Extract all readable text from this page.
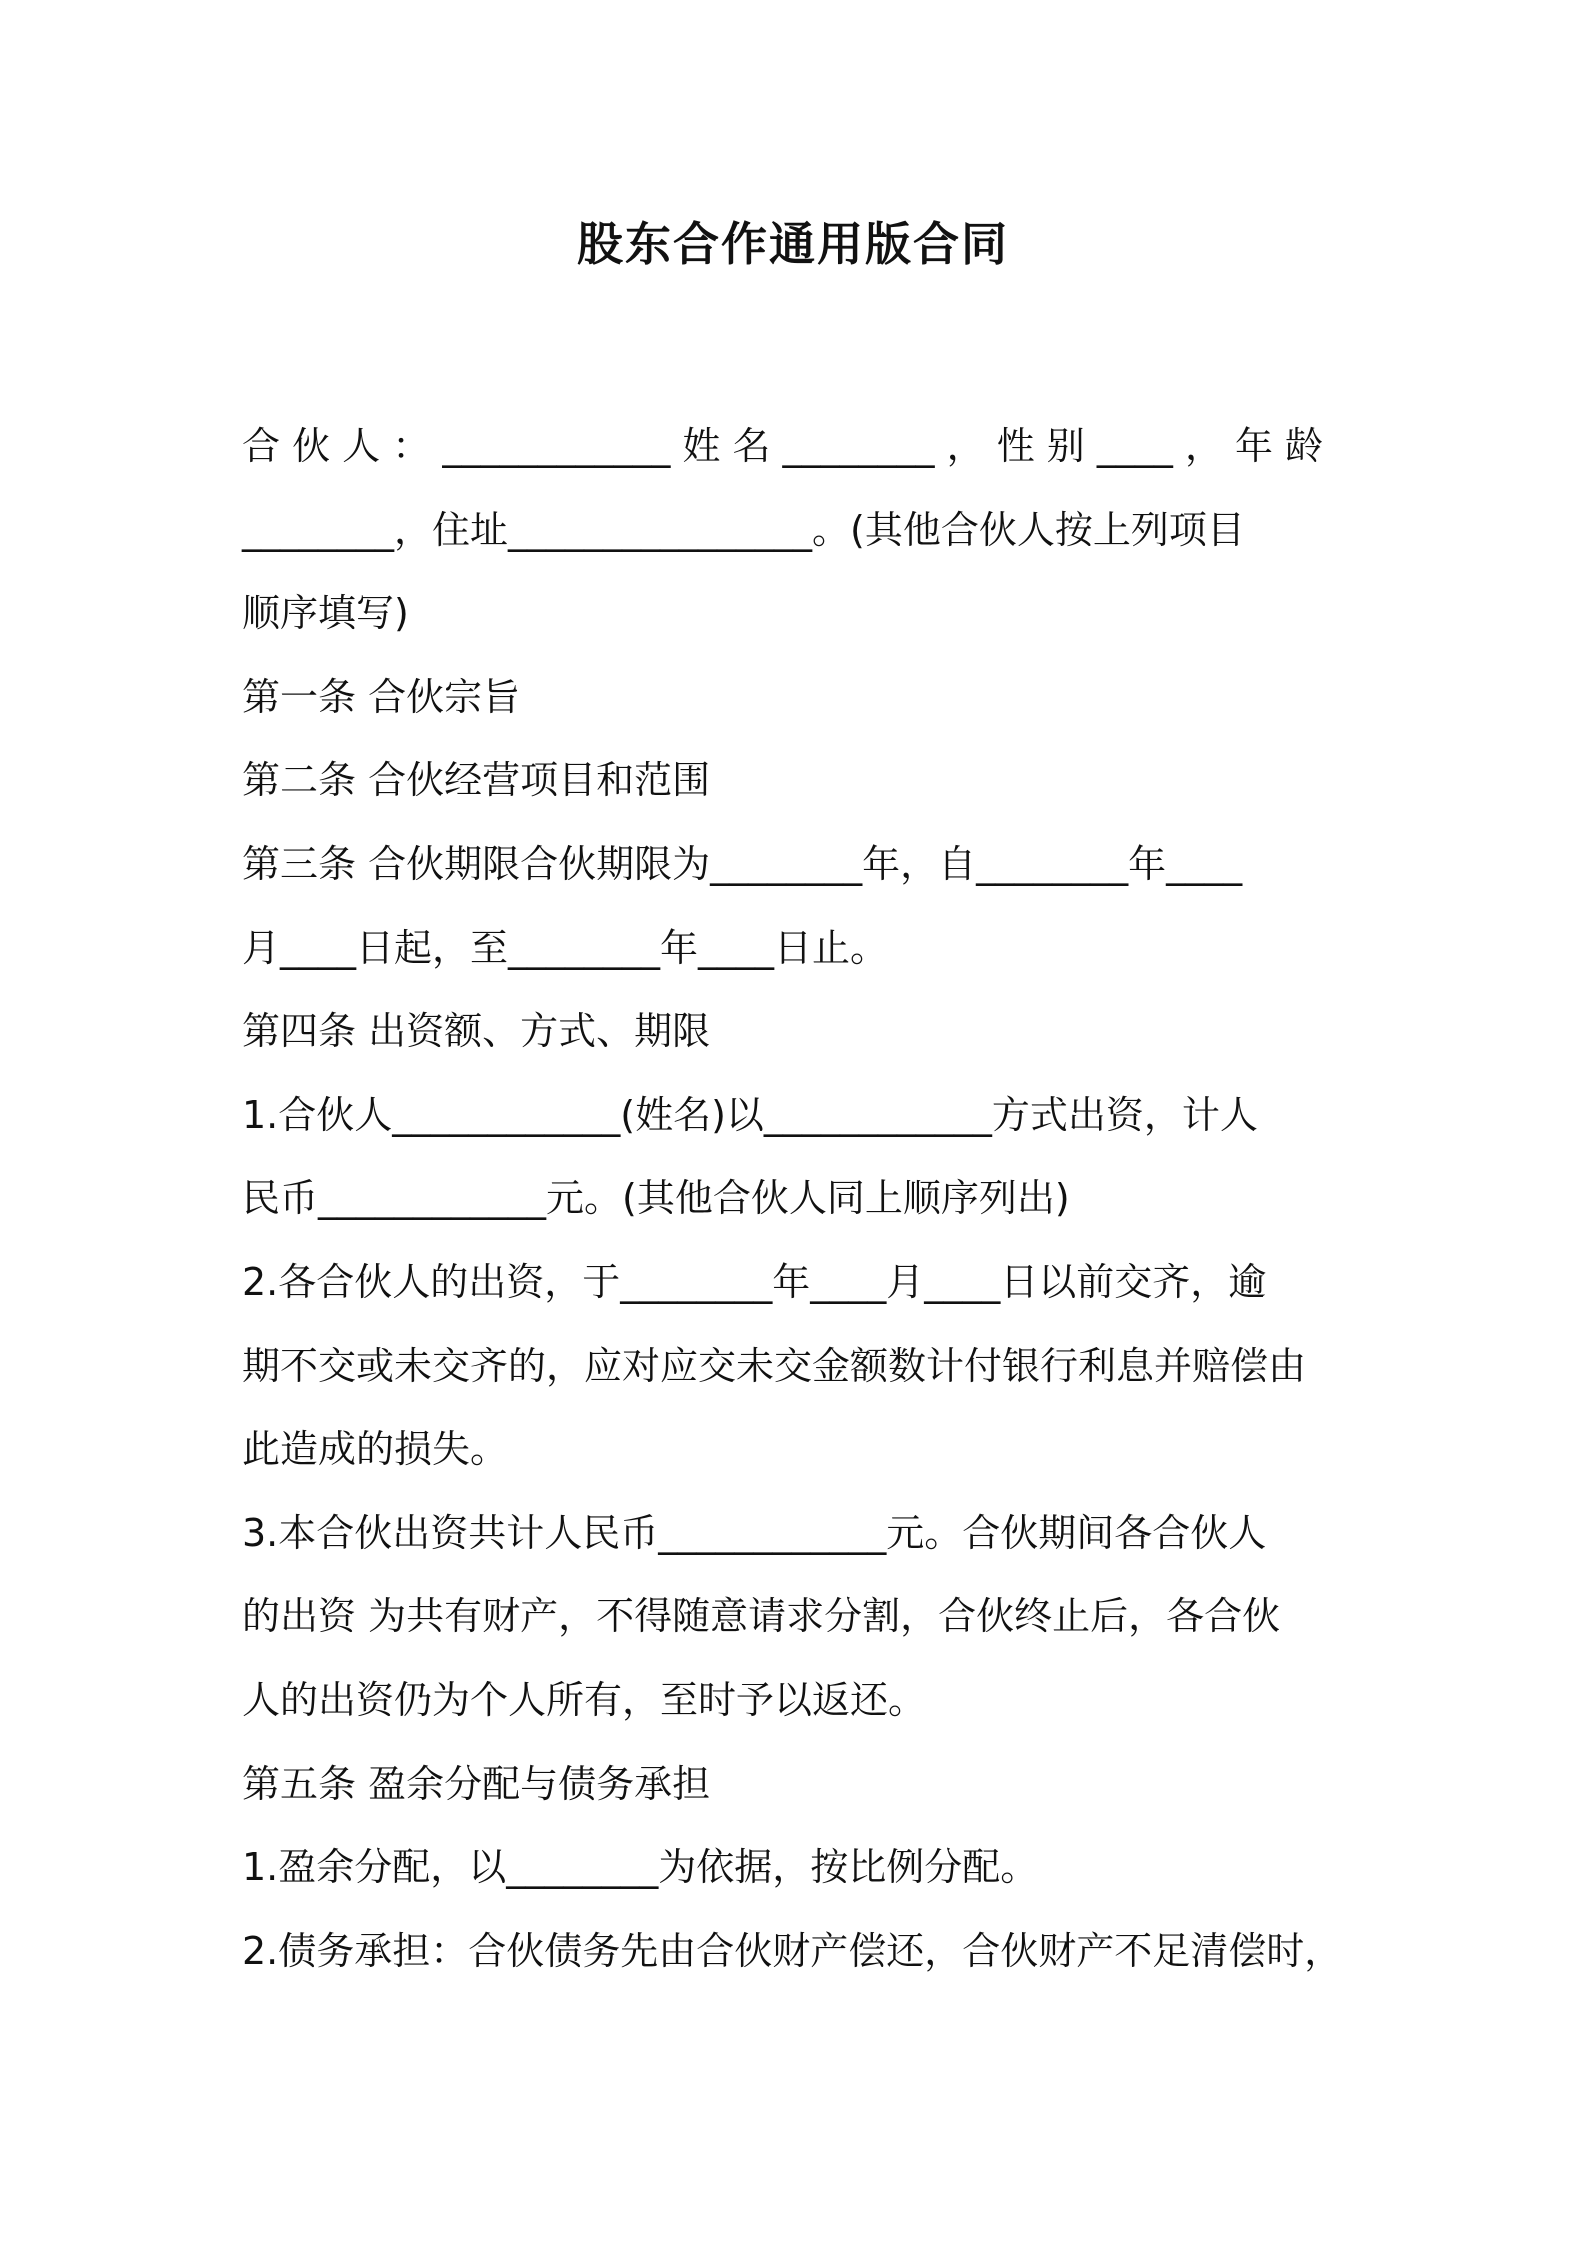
股东合作通用版合同
合 伙 人 ： ____________ 姓 名 ________ ， 性 别 ____ ， 年 龄
________，住址________________。(其他合伙人按上列项目
顺序填写)
第一条 合伙宗旨
第二条 合伙经营项目和范围
第三条 合伙期限合伙期限为________年，自________年____
月____日起，至________年____日止。
第四条 出资额、方式、期限
1.合伙人____________(姓名)以____________方式出资，计人
民币____________元。(其他合伙人同上顺序列出)
2.各合伙人的出资，于________年____月____日以前交齐，逾
期不交或未交齐的，应对应交未交金额数计付银行利息并赔偿由
此造成的损失。
3.本合伙出资共计人民币____________元。合伙期间各合伙人
的出资 为共有财产，不得随意请求分割，合伙终止后，各合伙
人的出资仍为个人所有，至时予以返还。
第五条 盈余分配与债务承担
1.盈余分配，以________为依据，按比例分配。
2.债务承担：合伙债务先由合伙财产偿还，合伙财产不足清偿时，
